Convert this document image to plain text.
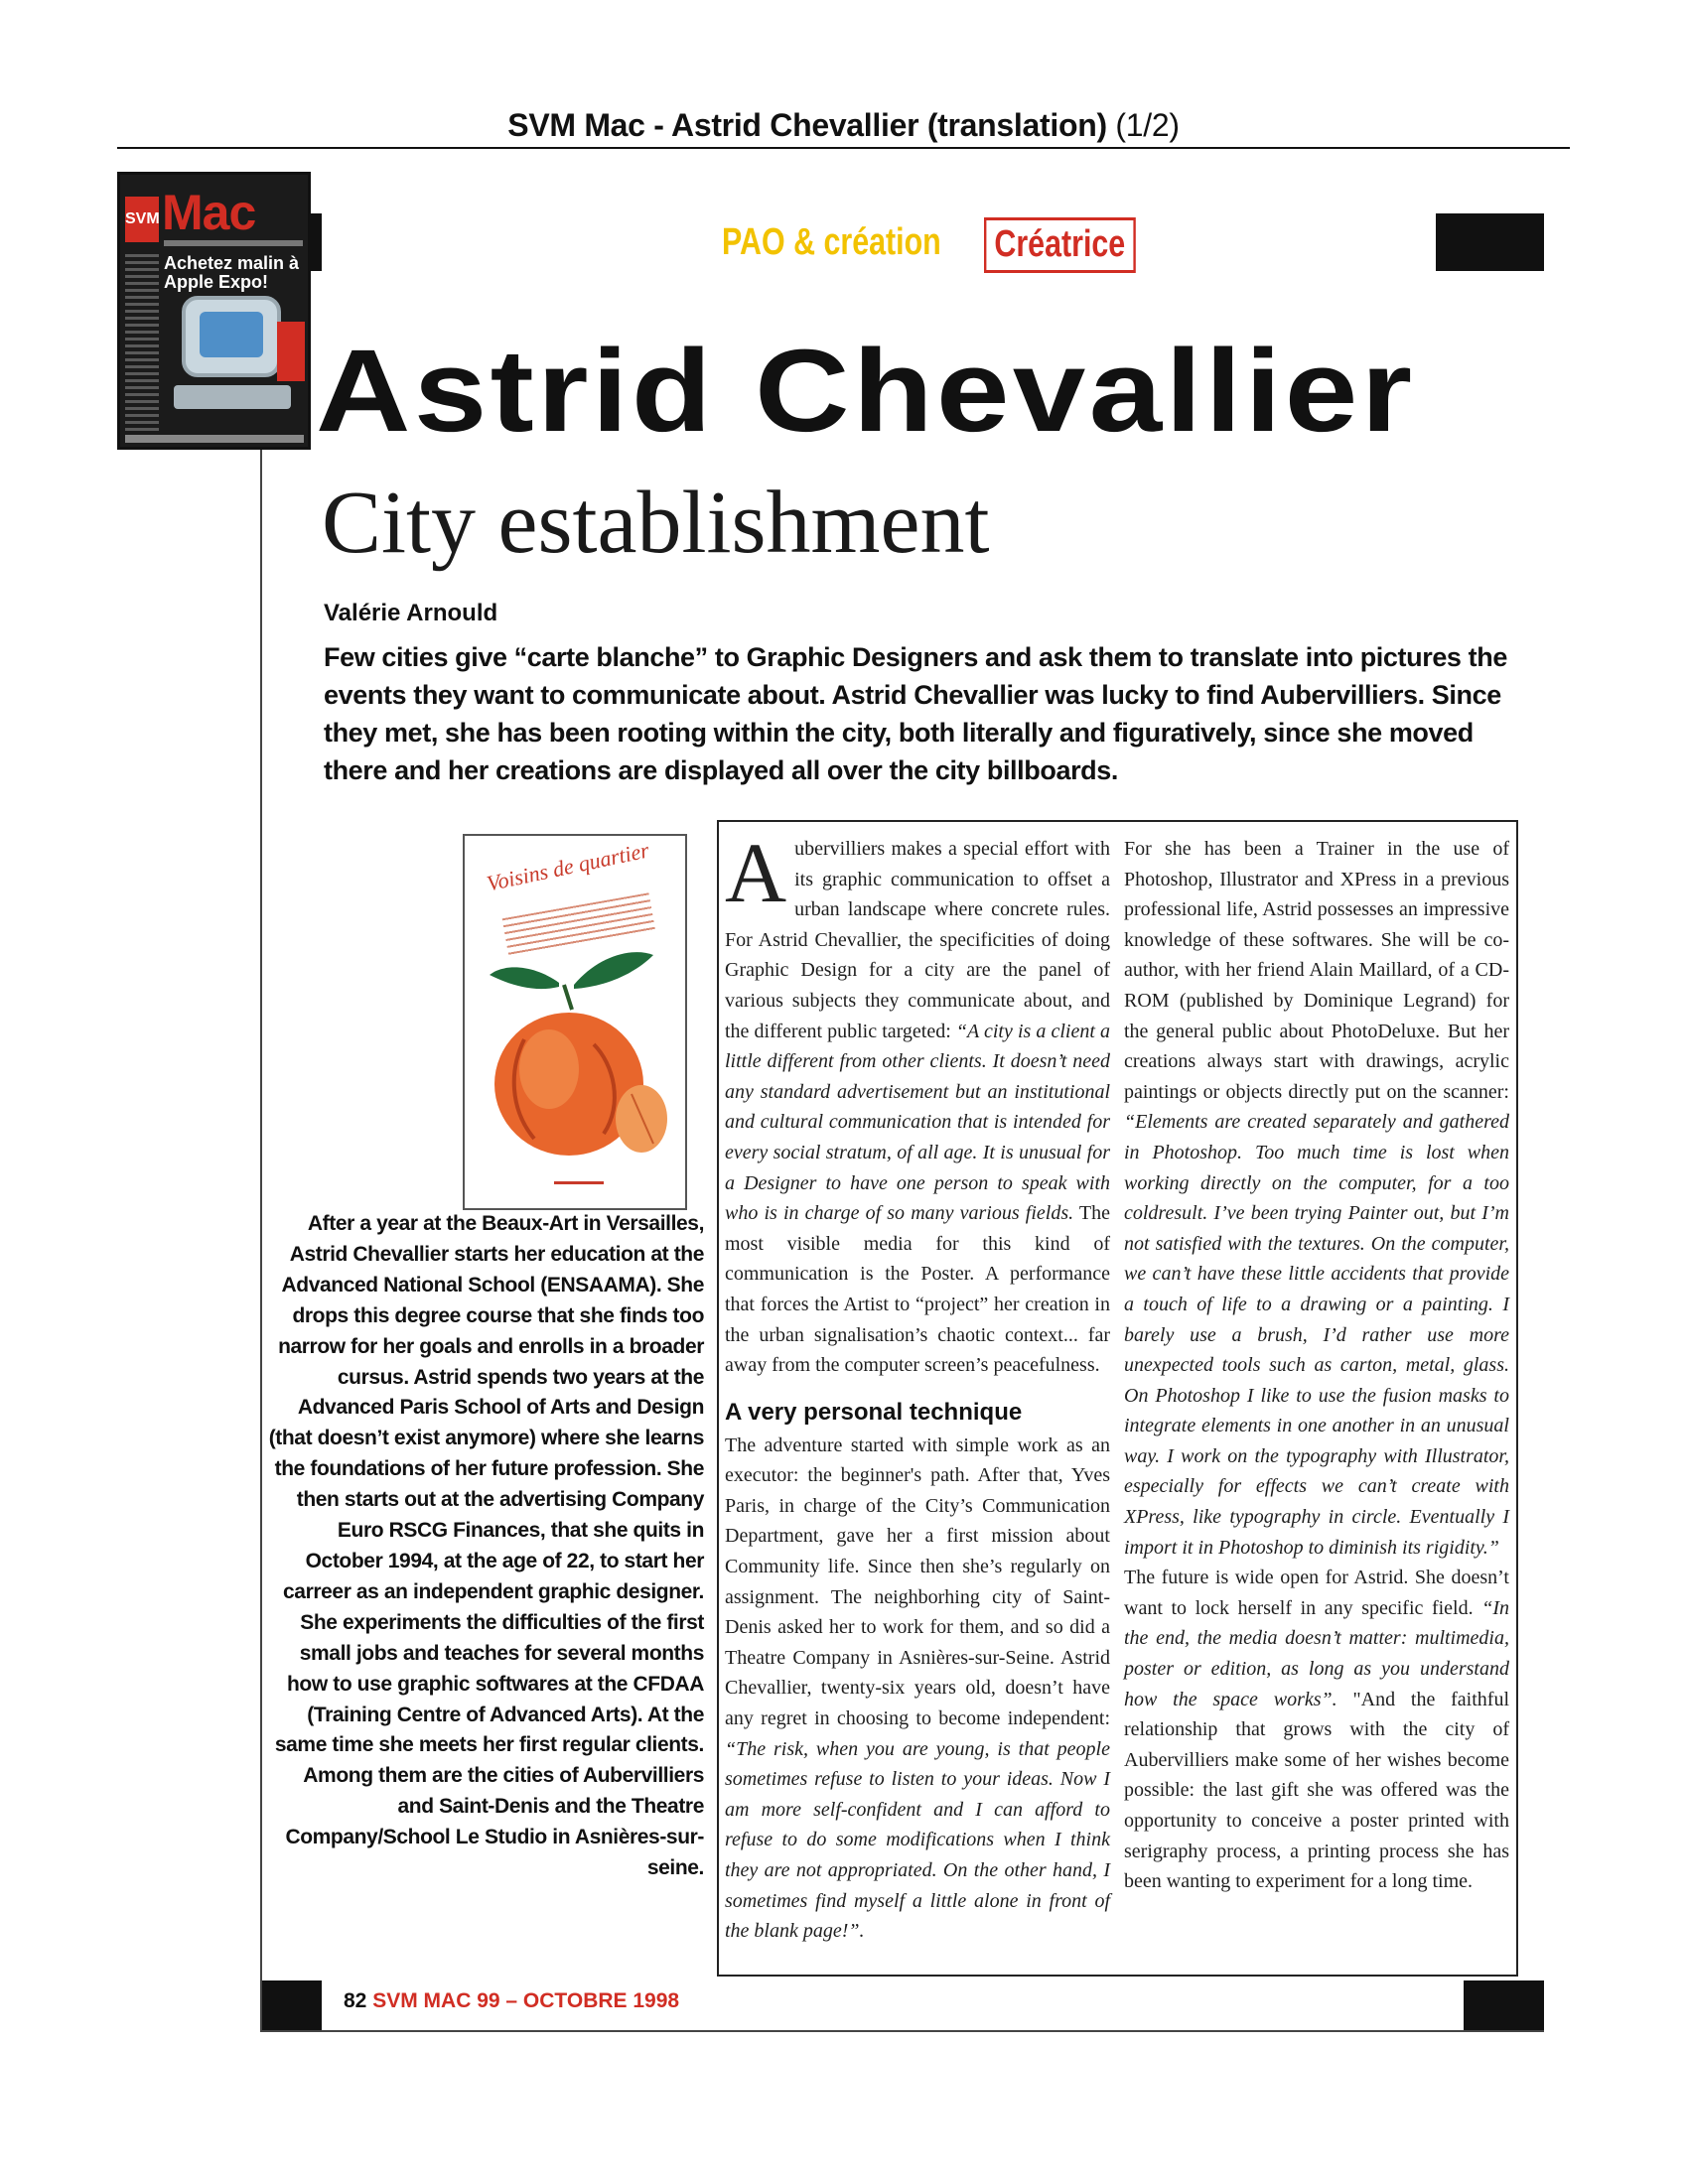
SVM Mac - Astrid Chevallier (translation) (1/2)
SVM Mac
Achetez malin à Apple Expo!
PAO & création Créatrice
Astrid Chevallier
City establishment
Valérie Arnould
Few cities give “carte blanche” to Graphic Designers and ask them to translate into pictures the events they want to communicate about. Astrid Chevallier was lucky to find Aubervilliers. Since they met, she has been rooting within the city, both literally and figuratively, since she moved there and her creations are displayed all over the city billboards.
Voisins de quartier
After a year at the Beaux-Art in Versailles, Astrid Chevallier starts her education at the Advanced National School (ENSAAMA). She drops this degree course that she finds too narrow for her goals and enrolls in a broader cursus. Astrid spends two years at the Advanced Paris School of Arts and Design (that doesn’t exist anymore) where she learns the foundations of her future profession. She then starts out at the advertising Company Euro RSCG Finances, that she quits in October 1994, at the age of 22, to start her carreer as an independent graphic designer. She experiments the difficulties of the first small jobs and teaches for several months how to use graphic softwares at the CFDAA (Training Centre of Advanced Arts). At the same time she meets her first regular clients. Among them are the cities of Aubervilliers and Saint-Denis and the Theatre Company/School Le Studio in Asnières-sur-seine.

Aubervilliers makes a special effort with its graphic communication to offset a urban landscape where concrete rules. For Astrid Chevallier, the specificities of doing Graphic Design for a city are the panel of various subjects they communicate about, and the different public targeted: “A city is a client a little different from other clients. It doesn’t need any standard advertisement but an institutional and cultural communication that is intended for every social stratum, of all age. It is unusual for a Designer to have one person to speak with who is in charge of so many various fields. The most visible media for this kind of communication is the Poster. A performance that forces the Artist to “project” her creation in the urban signalisation’s chaotic context... far away from the computer screen’s peacefulness.

A very personal technique

The adventure started with simple work as an executor: the beginner's path. After that, Yves Paris, in charge of the City’s Communication Department, gave her a first mission about Community life. Since then she’s regularly on assignment. The neighborhing city of Saint-Denis asked her to work for them, and so did a Theatre Company in Asnières-sur-Seine. Astrid Chevallier, twenty-six years old, doesn’t have any regret in choosing to become independent: “The risk, when you are young, is that people sometimes refuse to listen to your ideas. Now I am more self-confident and I can afford to refuse to do some modifications when I think they are not appropriated. On the other hand, I sometimes find myself a little alone in front of the blank page!”.

For she has been a Trainer in the use of Photoshop, Illustrator and XPress in a previous professional life, Astrid possesses an impressive knowledge of these softwares. She will be co-author, with her friend Alain Maillard, of a CD-ROM (published by Dominique Legrand) for the general public about PhotoDeluxe. But her creations always start with drawings, acrylic paintings or objects directly put on the scanner: “Elements are created separately and gathered in Photoshop. Too much time is lost when working directly on the computer, for a too coldresult. I’ve been trying Painter out, but I’m not satisfied with the textures. On the computer, we can’t have these little accidents that provide a touch of life to a drawing or a painting. I barely use a brush, I’d rather use more unexpected tools such as carton, metal, glass. On Photoshop I like to use the fusion masks to integrate elements in one another in an unusual way. I work on the typography with Illustrator, especially for effects we can’t create with XPress, like typography in circle. Eventually I import it in Photoshop to diminish its rigidity.”

The future is wide open for Astrid. She doesn’t want to lock herself in any specific field. “In the end, the media doesn’t matter: multimedia, poster or edition, as long as you understand how the space works”. "And the faithful relationship that grows with the city of Aubervilliers make some of her wishes become possible: the last gift she was offered was the opportunity to conceive a poster printed with serigraphy process, a printing process she has been wanting to experiment for a long time.

82 SVM MAC 99 – OCTOBRE 1998
